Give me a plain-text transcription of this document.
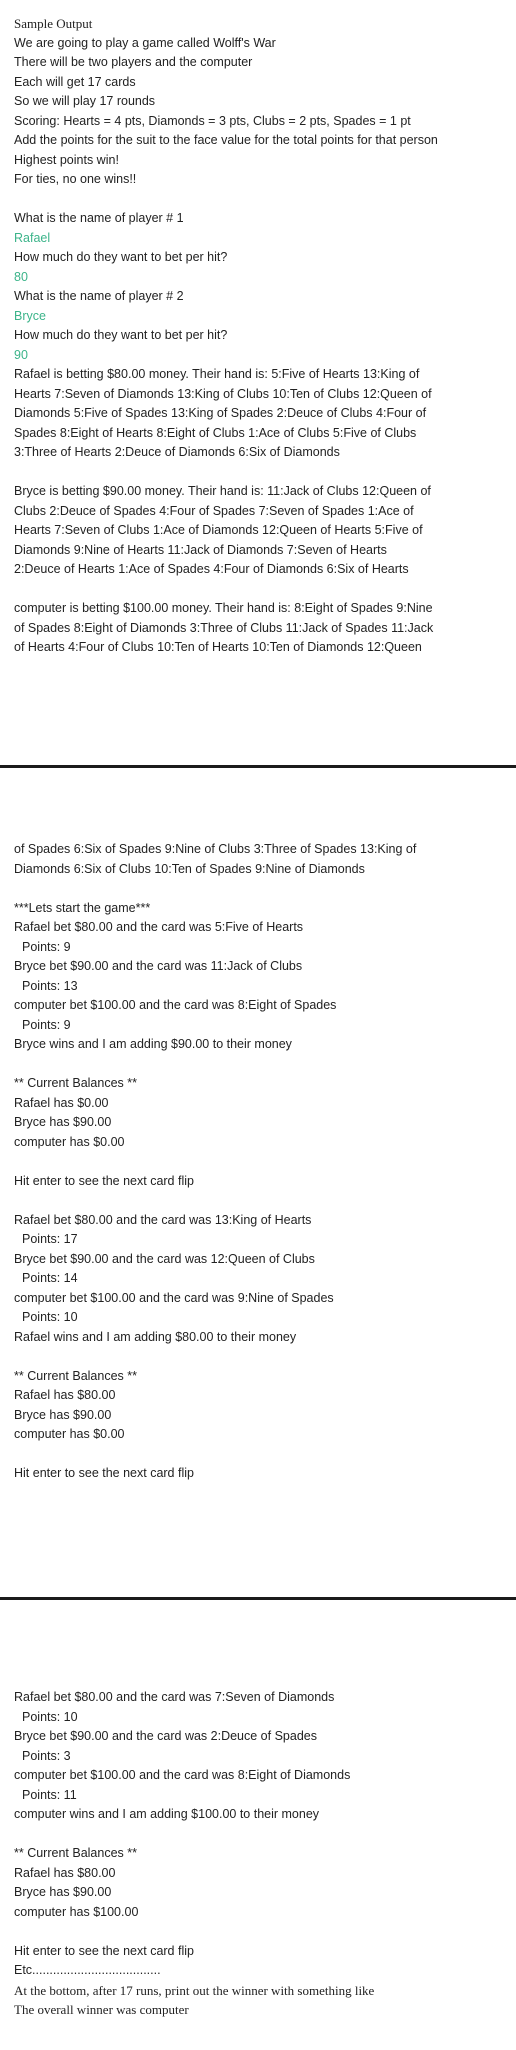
Sample Output
We are going to play a game called Wolff's War
There will be two players and the computer
Each will get 17 cards
So we will play 17 rounds
Scoring: Hearts = 4 pts, Diamonds = 3 pts, Clubs = 2 pts, Spades = 1 pt
Add the points for the suit to the face value for the total points for that person
Highest points win!
For ties, no one wins!!
What is the name of player # 1
Rafael
How much do they want to bet per hit?
80
What is the name of player # 2
Bryce
How much do they want to bet per hit?
90
Rafael is betting $80.00 money. Their hand is: 5:Five of Hearts 13:King of
Hearts 7:Seven of Diamonds 13:King of Clubs 10:Ten of Clubs 12:Queen of
Diamonds 5:Five of Spades 13:King of Spades 2:Deuce of Clubs 4:Four of
Spades 8:Eight of Hearts 8:Eight of Clubs 1:Ace of Clubs 5:Five of Clubs
3:Three of Hearts 2:Deuce of Diamonds 6:Six of Diamonds
Bryce is betting $90.00 money. Their hand is: 11:Jack of Clubs 12:Queen of
Clubs 2:Deuce of Spades 4:Four of Spades 7:Seven of Spades 1:Ace of
Hearts 7:Seven of Clubs 1:Ace of Diamonds 12:Queen of Hearts 5:Five of
Diamonds 9:Nine of Hearts 11:Jack of Diamonds 7:Seven of Hearts
2:Deuce of Hearts 1:Ace of Spades 4:Four of Diamonds 6:Six of Hearts
computer is betting $100.00 money. Their hand is: 8:Eight of Spades 9:Nine
of Spades 8:Eight of Diamonds 3:Three of Clubs 11:Jack of Spades 11:Jack
of Hearts 4:Four of Clubs 10:Ten of Hearts 10:Ten of Diamonds 12:Queen
of Spades 6:Six of Spades 9:Nine of Clubs 3:Three of Spades 13:King of
Diamonds 6:Six of Clubs 10:Ten of Spades 9:Nine of Diamonds
***Lets start the game***
Rafael bet $80.00 and the card was 5:Five of Hearts
Points: 9
Bryce bet $90.00 and the card was 11:Jack of Clubs
Points: 13
computer bet $100.00 and the card was 8:Eight of Spades
Points: 9
Bryce wins and I am adding $90.00 to their money
** Current Balances **
Rafael has $0.00
Bryce has $90.00
computer has $0.00
Hit enter to see the next card flip
Rafael bet $80.00 and the card was 13:King of Hearts
Points: 17
Bryce bet $90.00 and the card was 12:Queen of Clubs
Points: 14
computer bet $100.00 and the card was 9:Nine of Spades
Points: 10
Rafael wins and I am adding $80.00 to their money
** Current Balances **
Rafael has $80.00
Bryce has $90.00
computer has $0.00
Hit enter to see the next card flip
Rafael bet $80.00 and the card was 7:Seven of Diamonds
Points: 10
Bryce bet $90.00 and the card was 2:Deuce of Spades
Points: 3
computer bet $100.00 and the card was 8:Eight of Diamonds
Points: 11
computer wins and I am adding $100.00 to their money
** Current Balances **
Rafael has $80.00
Bryce has $90.00
computer has $100.00
Hit enter to see the next card flip
Etc.....................................
At the bottom, after 17 runs, print out the winner with something like
The overall winner was computer
